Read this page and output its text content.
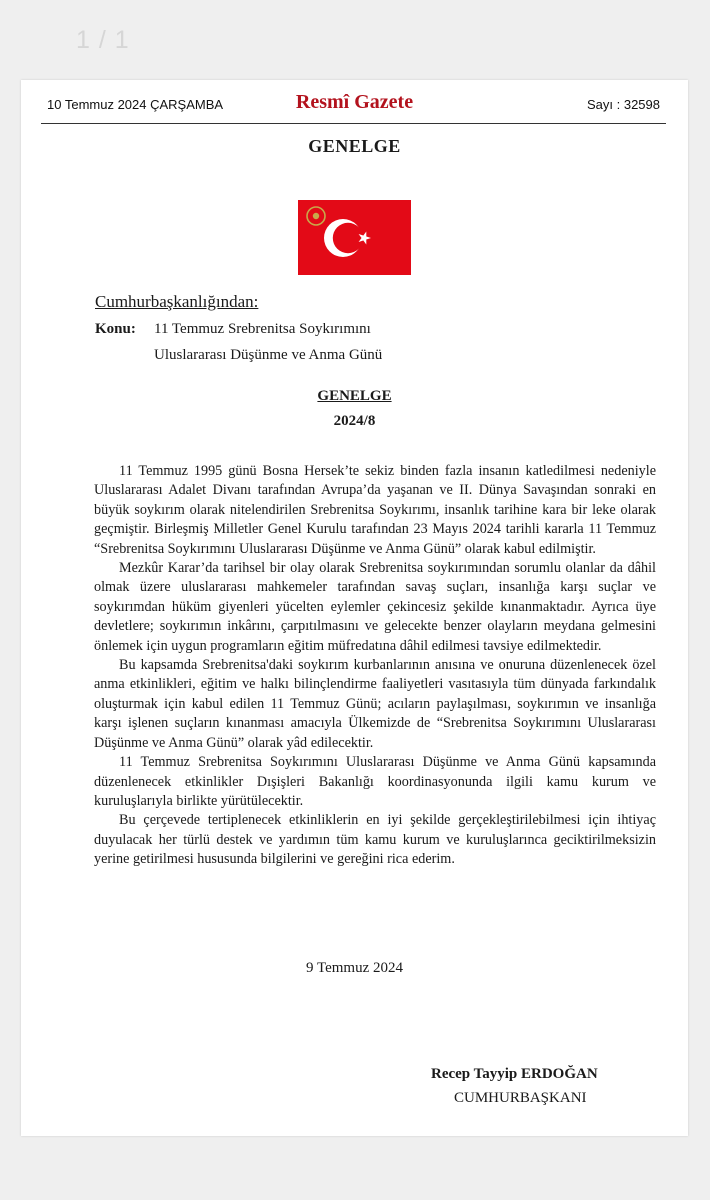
1 / 1
10 Temmuz 2024 ÇARŞAMBA	Resmî Gazete	Sayı : 32598
GENELGE
Cumhurbaşkanlığından:
Konu: 11 Temmuz Srebrenitsa Soykırımını
Uluslararası Düşünme ve Anma Günü
GENELGE
2024/8

11 Temmuz 1995 günü Bosna Hersek’te sekiz binden fazla insanın katledilmesi nedeniyle Uluslararası Adalet Divanı tarafından Avrupa’da yaşanan ve II. Dünya Savaşından sonraki en büyük soykırım olarak nitelendirilen Srebrenitsa Soykırımı, insanlık tarihine kara bir leke olarak geçmiştir. Birleşmiş Milletler Genel Kurulu tarafından 23 Mayıs 2024 tarihli kararla 11 Temmuz “Srebrenitsa Soykırımını Uluslararası Düşünme ve Anma Günü” olarak kabul edilmiştir.

Mezkûr Karar’da tarihsel bir olay olarak Srebrenitsa soykırımından sorumlu olanlar da dâhil olmak üzere uluslararası mahkemeler tarafından savaş suçları, insanlığa karşı suçlar ve soykırımdan hüküm giyenleri yücelten eylemler çekincesiz şekilde kınanmaktadır. Ayrıca üye devletlere; soykırımın inkârını, çarpıtılmasını ve gelecekte benzer olayların meydana gelmesini önlemek için uygun programların eğitim müfredatına dâhil edilmesi tavsiye edilmektedir.

Bu kapsamda Srebrenitsa'daki soykırım kurbanlarının anısına ve onuruna düzenlenecek özel anma etkinlikleri, eğitim ve halkı bilinçlendirme faaliyetleri vasıtasıyla tüm dünyada farkındalık oluşturmak için kabul edilen 11 Temmuz Günü; acıların paylaşılması, soykırımın ve insanlığa karşı işlenen suçların kınanması amacıyla Ülkemizde de “Srebrenitsa Soykırımını Uluslararası Düşünme ve Anma Günü” olarak yâd edilecektir.

11 Temmuz Srebrenitsa Soykırımını Uluslararası Düşünme ve Anma Günü kapsamında düzenlenecek etkinlikler Dışişleri Bakanlığı koordinasyonunda ilgili kamu kurum ve kuruluşlarıyla birlikte yürütülecektir.

Bu çerçevede tertiplenecek etkinliklerin en iyi şekilde gerçekleştirilebilmesi için ihtiyaç duyulacak her türlü destek ve yardımın tüm kamu kurum ve kuruluşlarınca geciktirilmeksizin yerine getirilmesi hususunda bilgilerini ve gereğini rica ederim.

9 Temmuz 2024
Recep Tayyip ERDOĞAN
CUMHURBAŞKANI
